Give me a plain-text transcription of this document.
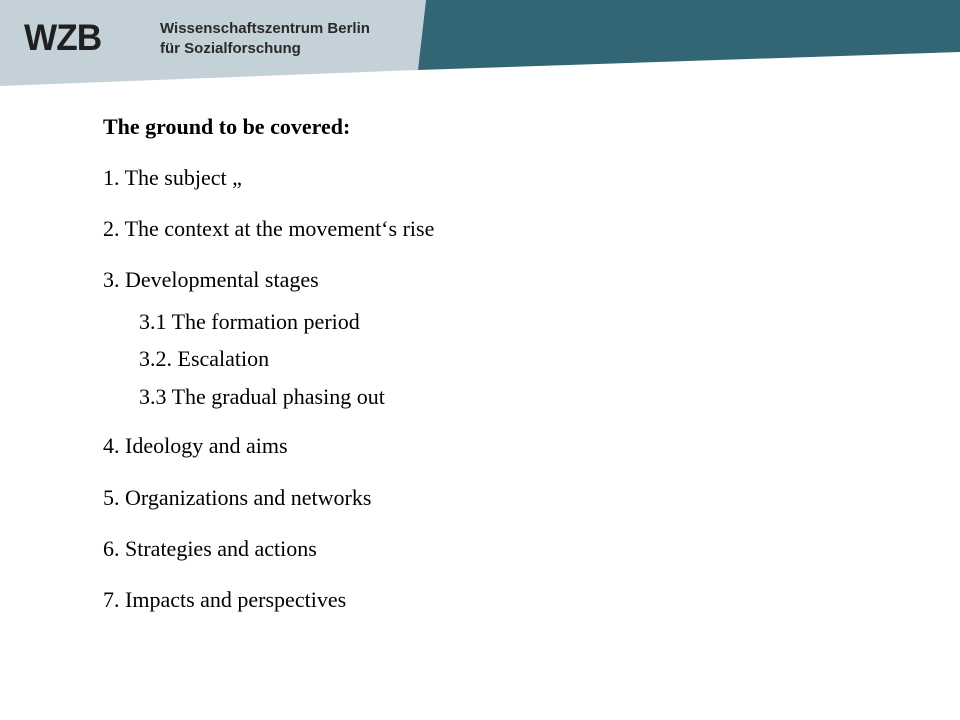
WZB	Wissenschaftszentrum Berlin
für Sozialforschung
The ground to be covered:
1. The subject „
2. The context at the movement‘s rise
3. Developmental stages
3.1 The formation period
3.2. Escalation
3.3 The gradual phasing out
4. Ideology and aims
5. Organizations and networks
6. Strategies and actions
7. Impacts and perspectives
